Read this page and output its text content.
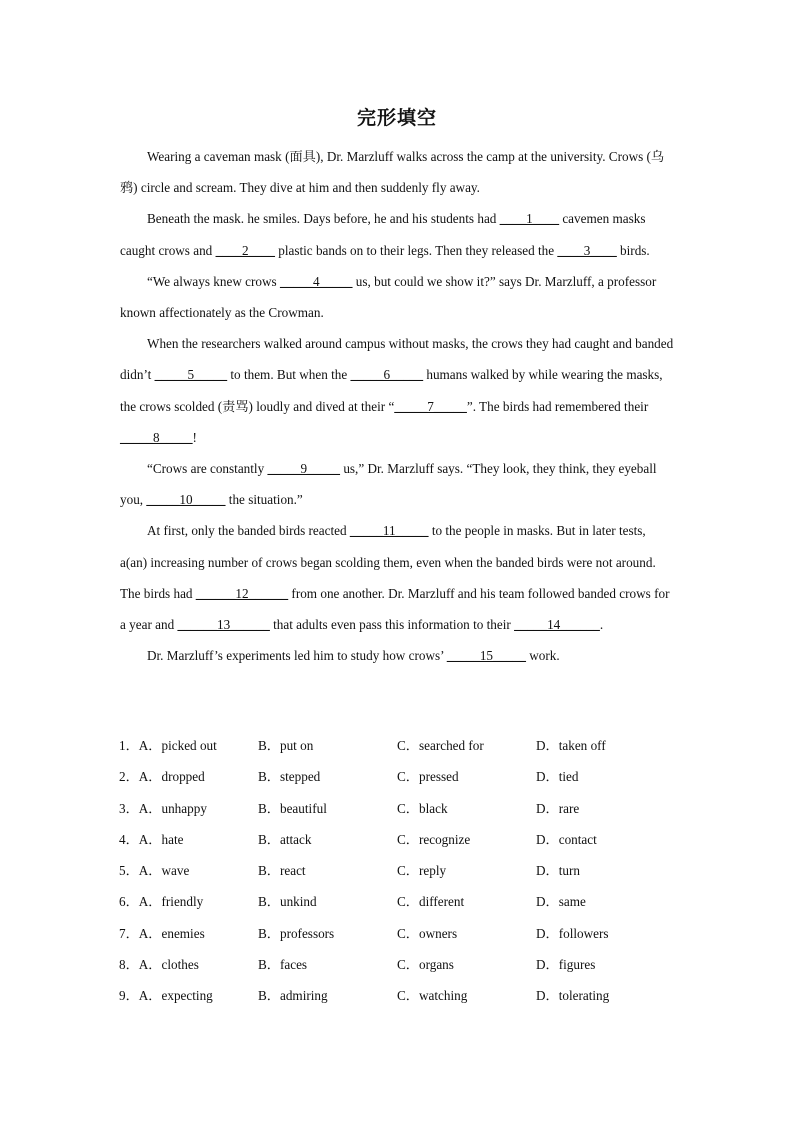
完形填空

Wearing a caveman mask (面具), Dr. Marzluff walks across the camp at the university. Crows (乌鸦) circle and scream. They dive at him and then suddenly fly away.

Beneath the mask. he smiles. Days before, he and his students had ____1____ cavemen masks caught crows and ____2____ plastic bands on to their legs. Then they released the ____3____ birds.

“We always knew crows _____4_____ us, but could we show it?” says Dr. Marzluff, a professor known affectionately as the Crowman.

When the researchers walked around campus without masks, the crows they had caught and banded didn’t _____5_____ to them. But when the _____6_____ humans walked by while wearing the masks, the crows scolded (责骂) loudly and dived at their “_____7_____”. The birds had remembered their _____8_____!

“Crows are constantly _____9_____ us,” Dr. Marzluff says. “They look, they think, they eyeball you, _____10_____ the situation.”

At first, only the banded birds reacted _____11_____ to the people in masks. But in later tests, a(an) increasing number of crows began scolding them, even when the banded birds were not around. The birds had ______12______ from one another. Dr. Marzluff and his team followed banded crows for a year and ______13______ that adults even pass this information to their _____14______.

Dr. Marzluff’s experiments led him to study how crows’ _____15_____ work.

1．A．picked out	B．put on	C．searched for	D．taken off
2．A．dropped	B．stepped	C．pressed	D．tied
3．A．unhappy	B．beautiful	C．black	D．rare
4．A．hate	B．attack	C．recognize	D．contact
5．A．wave	B．react	C．reply	D．turn
6．A．friendly	B．unkind	C．different	D．same
7．A．enemies	B．professors	C．owners	D．followers
8．A．clothes	B．faces	C．organs	D．figures
9．A．expecting	B．admiring	C．watching	D．tolerating
